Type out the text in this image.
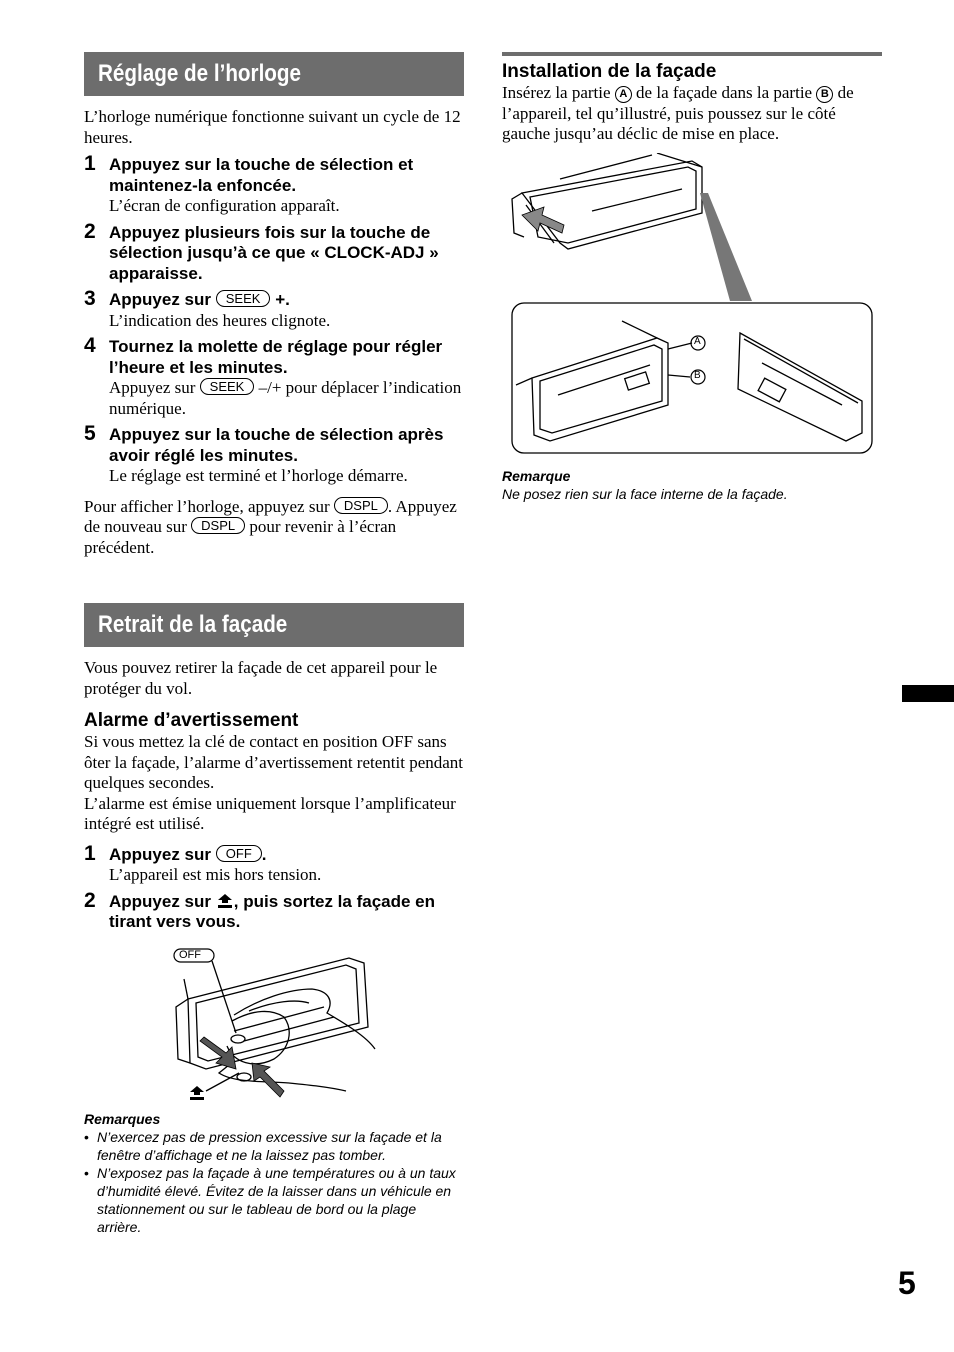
Réglage de l’horloge

L’horloge numérique fonctionne suivant un cycle de 12 heures.

1 Appuyez sur la touche de sélection et maintenez-la enfoncée.
L’écran de configuration apparaît.
2 Appuyez plusieurs fois sur la touche de sélection jusqu’à ce que « CLOCK-ADJ » apparaisse.
3 Appuyez sur SEEK +.
L’indication des heures clignote.
4 Tournez la molette de réglage pour régler l’heure et les minutes.
Appuyez sur SEEK –/+ pour déplacer l’indication numérique.
5 Appuyez sur la touche de sélection après avoir réglé les minutes.
Le réglage est terminé et l’horloge démarre.

Pour afficher l’horloge, appuyez sur DSPL . Appuyez de nouveau sur DSPL pour revenir à l’écran précédent.

Retrait de la façade

Vous pouvez retirer la façade de cet appareil pour le protéger du vol.

Alarme d’avertissement

Si vous mettez la clé de contact en position OFF sans ôter la façade, l’alarme d’avertissement retentit pendant quelques secondes.

L’alarme est émise uniquement lorsque l’amplificateur intégré est utilisé.

1 Appuyez sur OFF .
L’appareil est mis hors tension.
2 Appuyez sur , puis sortez la façade en tirant vers vous.
OFF
Remarques
• N’exercez pas de pression excessive sur la façade et la fenêtre d’affichage et ne la laissez pas tomber.
• N’exposez pas la façade à une températures ou à un taux d’humidité élevé. Évitez de la laisser dans un véhicule en stationnement ou sur le tableau de bord ou la plage arrière.
Installation de la façade

Insérez la partie A de la façade dans la partie B de l’appareil, tel qu’illustré, puis poussez sur le côté gauche jusqu’au déclic de mise en place.

A
B
Remarque
Ne posez rien sur la face interne de la façade.
5
